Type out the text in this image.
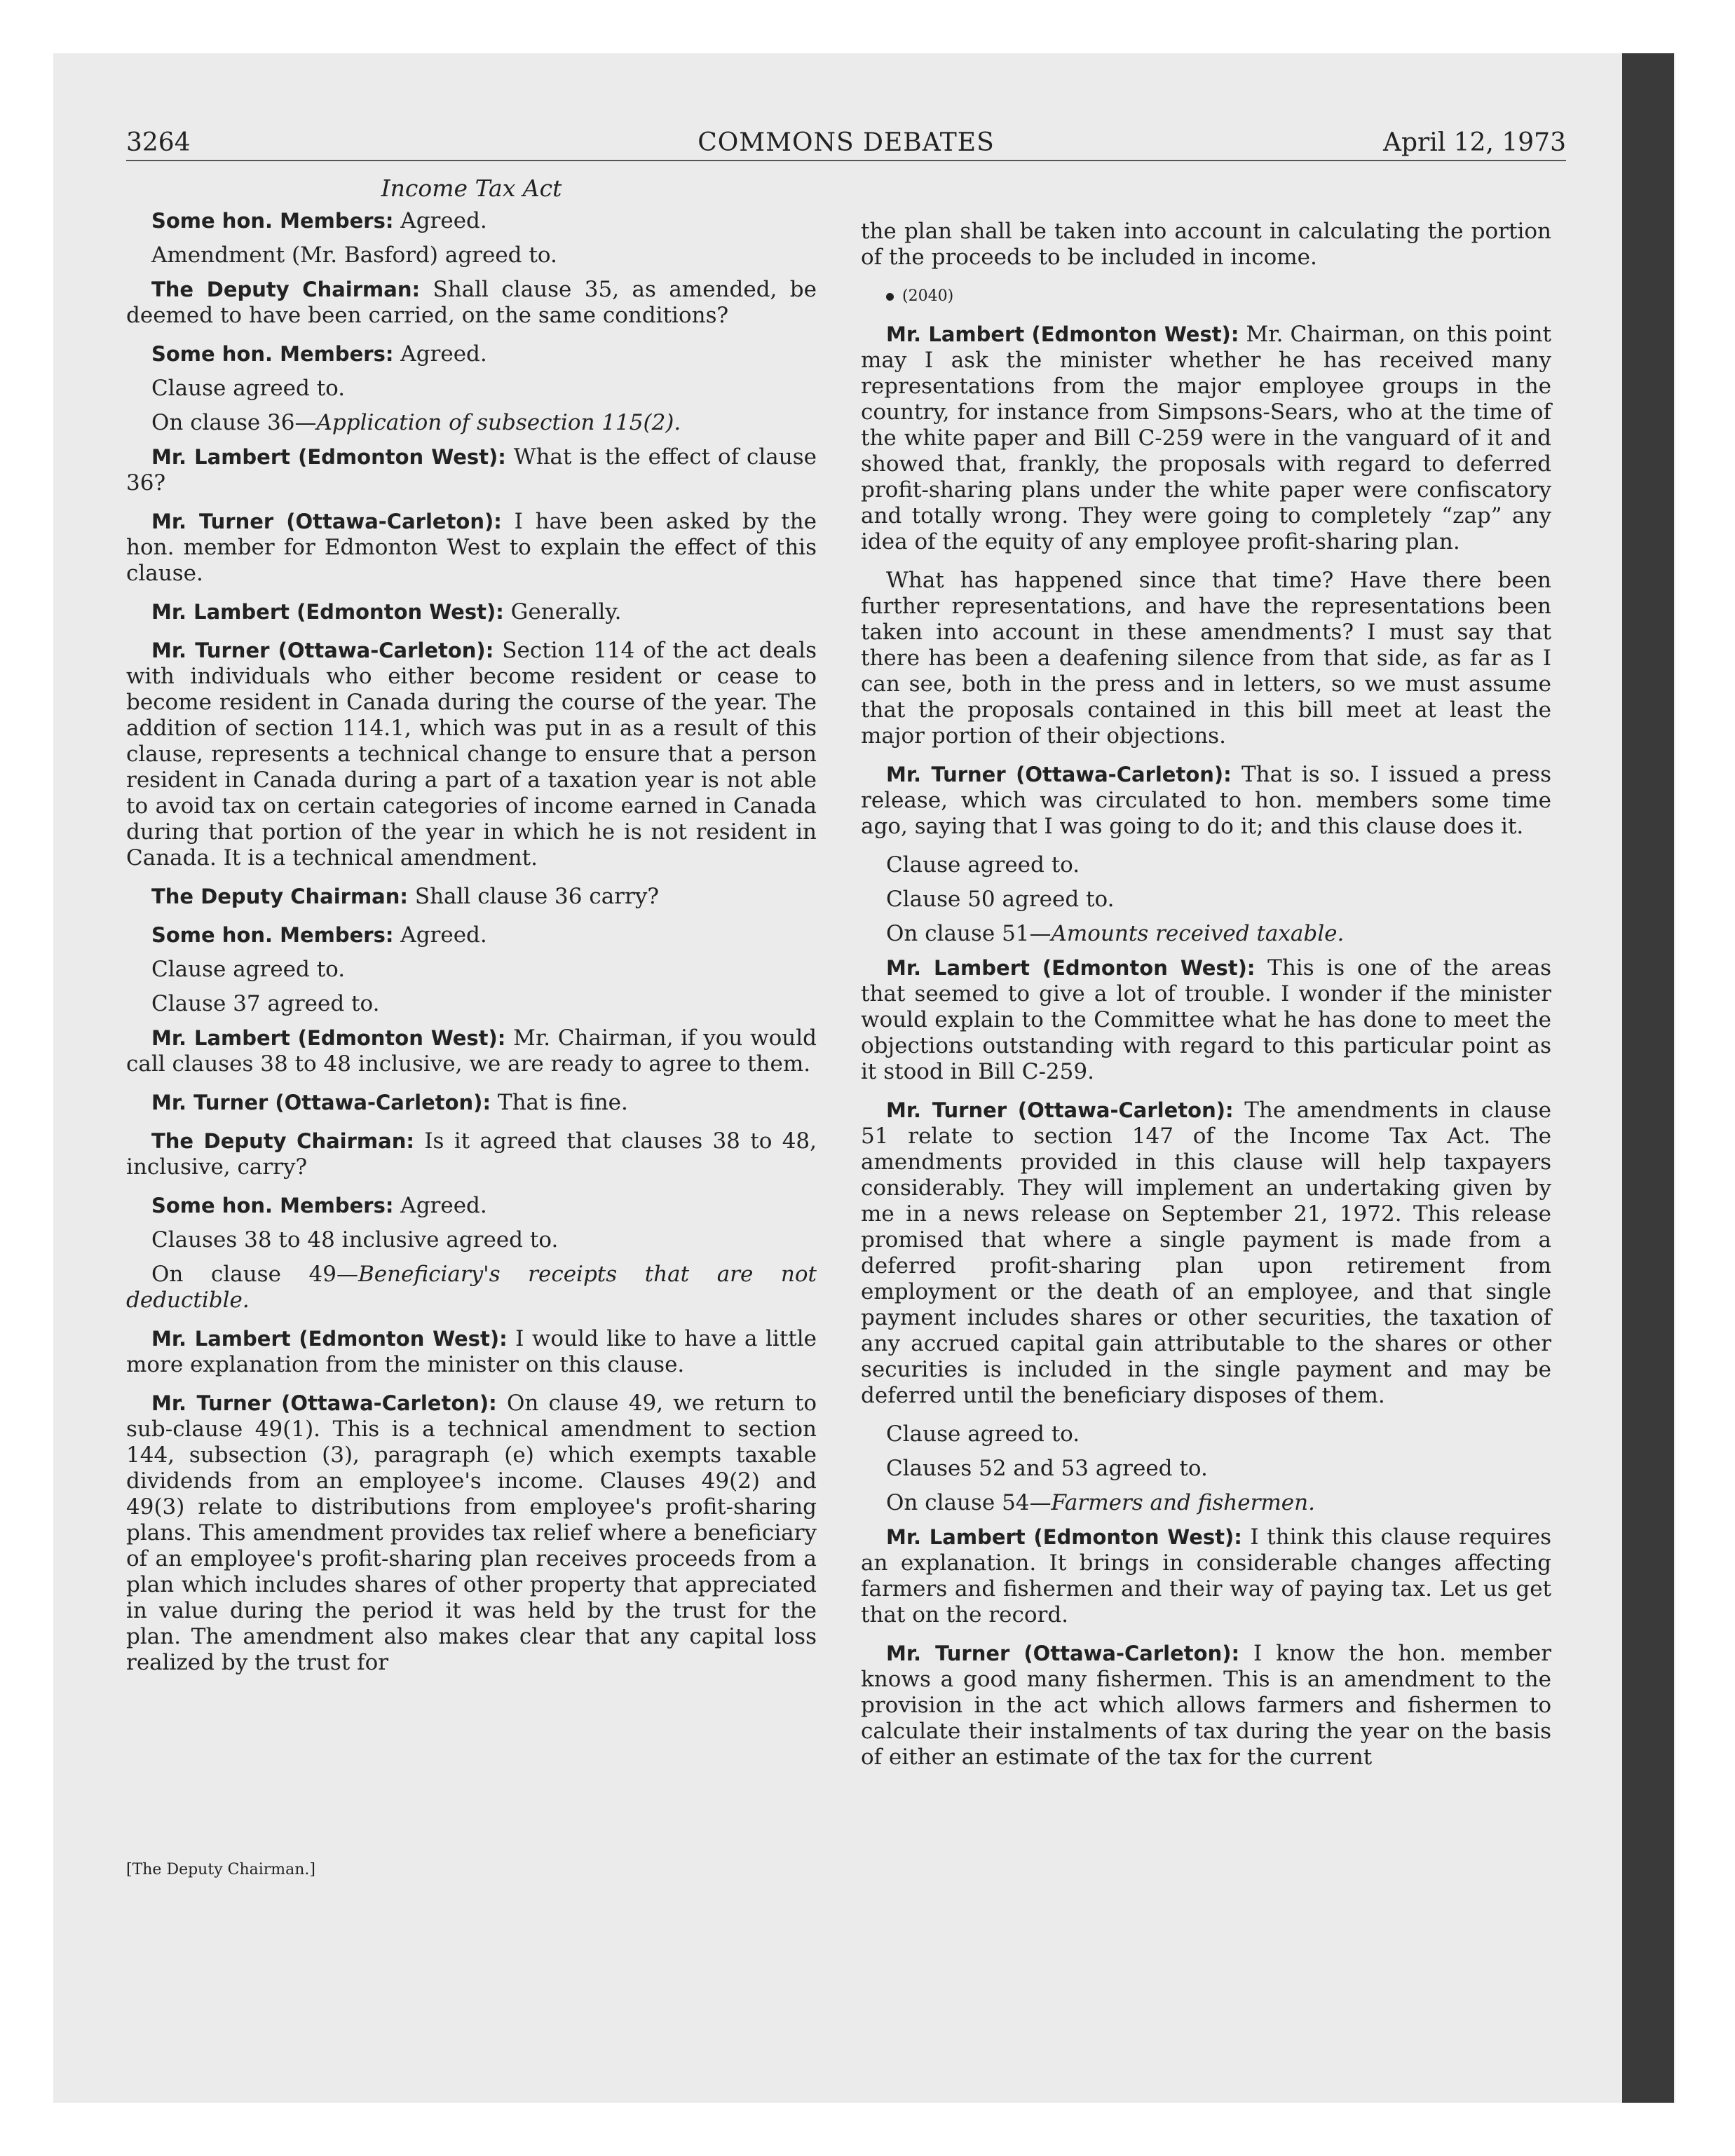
3264	COMMONS DEBATES	April 12, 1973

Income Tax Act

Some hon. Members: Agreed.

Amendment (Mr. Basford) agreed to.

The Deputy Chairman: Shall clause 35, as amended, be deemed to have been carried, on the same conditions?

Some hon. Members: Agreed.

Clause agreed to.

On clause 36—Application of subsection 115(2).

Mr. Lambert (Edmonton West): What is the effect of clause 36?

Mr. Turner (Ottawa-Carleton): I have been asked by the hon. member for Edmonton West to explain the effect of this clause.

Mr. Lambert (Edmonton West): Generally.

Mr. Turner (Ottawa-Carleton): Section 114 of the act deals with individuals who either become resident or cease to become resident in Canada during the course of the year. The addition of section 114.1, which was put in as a result of this clause, represents a technical change to ensure that a person resident in Canada during a part of a taxation year is not able to avoid tax on certain categories of income earned in Canada during that portion of the year in which he is not resident in Canada. It is a technical amendment.

The Deputy Chairman: Shall clause 36 carry?

Some hon. Members: Agreed.

Clause agreed to.

Clause 37 agreed to.

Mr. Lambert (Edmonton West): Mr. Chairman, if you would call clauses 38 to 48 inclusive, we are ready to agree to them.

Mr. Turner (Ottawa-Carleton): That is fine.

The Deputy Chairman: Is it agreed that clauses 38 to 48, inclusive, carry?

Some hon. Members: Agreed.

Clauses 38 to 48 inclusive agreed to.

On clause 49—Beneficiary's receipts that are not deductible.

Mr. Lambert (Edmonton West): I would like to have a little more explanation from the minister on this clause.

Mr. Turner (Ottawa-Carleton): On clause 49, we return to sub-clause 49(1). This is a technical amendment to section 144, subsection (3), paragraph (e) which exempts taxable dividends from an employee's income. Clauses 49(2) and 49(3) relate to distributions from employee's profit-sharing plans. This amendment provides tax relief where a beneficiary of an employee's profit-sharing plan receives proceeds from a plan which includes shares of other property that appreciated in value during the period it was held by the trust for the plan. The amendment also makes clear that any capital loss realized by the trust for

[The Deputy Chairman.]

the plan shall be taken into account in calculating the portion of the proceeds to be included in income.

(2040)

Mr. Lambert (Edmonton West): Mr. Chairman, on this point may I ask the minister whether he has received many representations from the major employee groups in the country, for instance from Simpsons-Sears, who at the time of the white paper and Bill C-259 were in the vanguard of it and showed that, frankly, the proposals with regard to deferred profit-sharing plans under the white paper were confiscatory and totally wrong. They were going to completely “zap” any idea of the equity of any employee profit-sharing plan.

What has happened since that time? Have there been further representations, and have the representations been taken into account in these amendments? I must say that there has been a deafening silence from that side, as far as I can see, both in the press and in letters, so we must assume that the proposals contained in this bill meet at least the major portion of their objections.

Mr. Turner (Ottawa-Carleton): That is so. I issued a press release, which was circulated to hon. members some time ago, saying that I was going to do it; and this clause does it.

Clause agreed to.

Clause 50 agreed to.

On clause 51—Amounts received taxable.

Mr. Lambert (Edmonton West): This is one of the areas that seemed to give a lot of trouble. I wonder if the minister would explain to the Committee what he has done to meet the objections outstanding with regard to this particular point as it stood in Bill C-259.

Mr. Turner (Ottawa-Carleton): The amendments in clause 51 relate to section 147 of the Income Tax Act. The amendments provided in this clause will help taxpayers considerably. They will implement an undertaking given by me in a news release on September 21, 1972. This release promised that where a single payment is made from a deferred profit-sharing plan upon retirement from employment or the death of an employee, and that single payment includes shares or other securities, the taxation of any accrued capital gain attributable to the shares or other securities is included in the single payment and may be deferred until the beneficiary disposes of them.

Clause agreed to.

Clauses 52 and 53 agreed to.

On clause 54—Farmers and fishermen.

Mr. Lambert (Edmonton West): I think this clause requires an explanation. It brings in considerable changes affecting farmers and fishermen and their way of paying tax. Let us get that on the record.

Mr. Turner (Ottawa-Carleton): I know the hon. member knows a good many fishermen. This is an amendment to the provision in the act which allows farmers and fishermen to calculate their instalments of tax during the year on the basis of either an estimate of the tax for the current
